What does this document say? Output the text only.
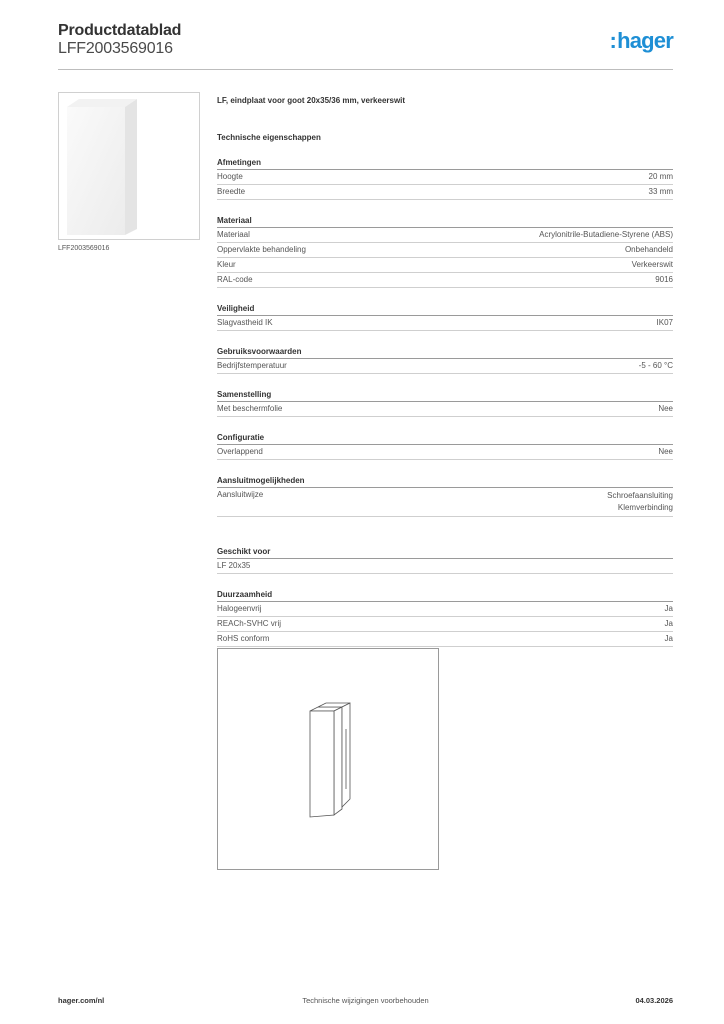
Productdatablad
LFF2003569016	:hager
LFF2003569016
LF, eindplaat voor goot 20x35/36 mm, verkeerswit
Technische eigenschappen
Afmetingen
Hoogte	20 mm
Breedte	33 mm
Materiaal
Materiaal	Acrylonitrile-Butadiene-Styrene (ABS)
Oppervlakte behandeling	Onbehandeld
Kleur	Verkeerswit
RAL-code	9016
Veiligheid
Slagvastheid IK	IK07
Gebruiksvoorwaarden
Bedrijfstemperatuur	-5 - 60 °C
Samenstelling
Met beschermfolie	Nee
Configuratie
Overlappend	Nee
Aansluitmogelijkheden
Aansluitwijze	Schroefaansluiting
Klemverbinding
Geschikt voor
LF 20x35
Duurzaamheid
Halogeenvrij	Ja
REACh-SVHC vrij	Ja
RoHS conform	Ja
hager.com/nl	Technische wijzigingen voorbehouden	04.03.2026
